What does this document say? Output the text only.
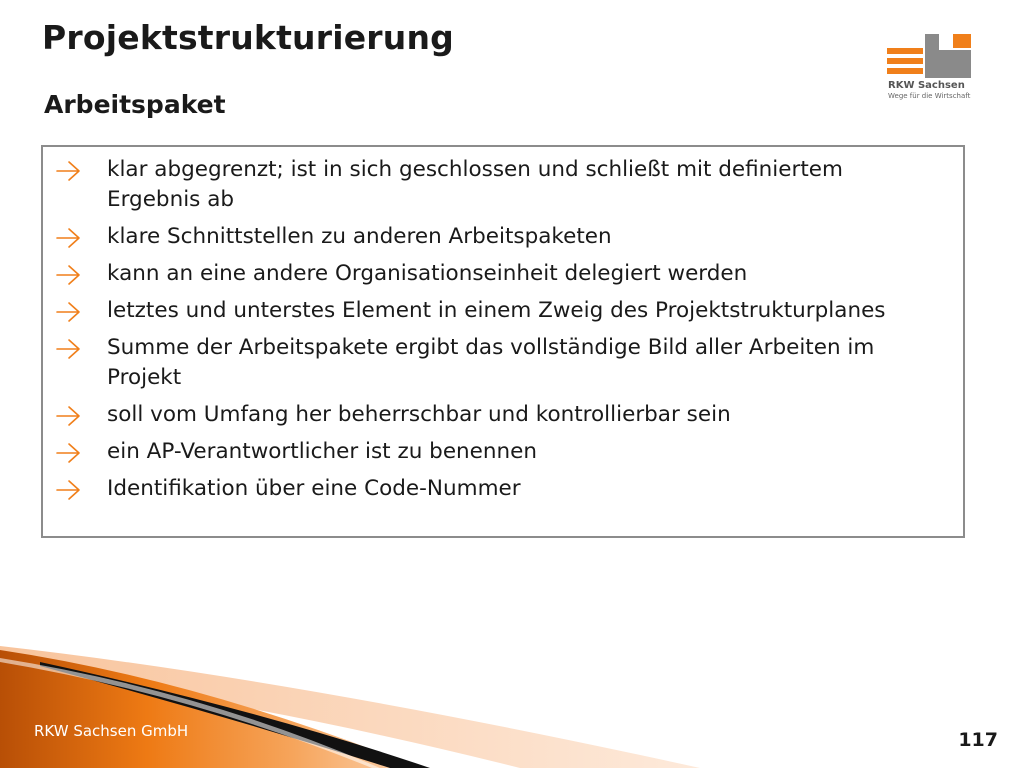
Projektstrukturierung
Arbeitspaket
RKW Sachsen
Wege für die Wirtschaft
klar abgegrenzt; ist in sich geschlossen und schließt mit definiertem Ergebnis ab
klare Schnittstellen zu anderen Arbeitspaketen
kann an eine andere Organisationseinheit delegiert werden
letztes und unterstes Element in einem Zweig des Projektstrukturplanes
Summe der Arbeitspakete ergibt das vollständige Bild aller Arbeiten im Projekt
soll vom Umfang her beherrschbar und kontrollierbar sein
ein AP-Verantwortlicher ist zu benennen
Identifikation über eine Code-Nummer
RKW Sachsen GmbH	117
